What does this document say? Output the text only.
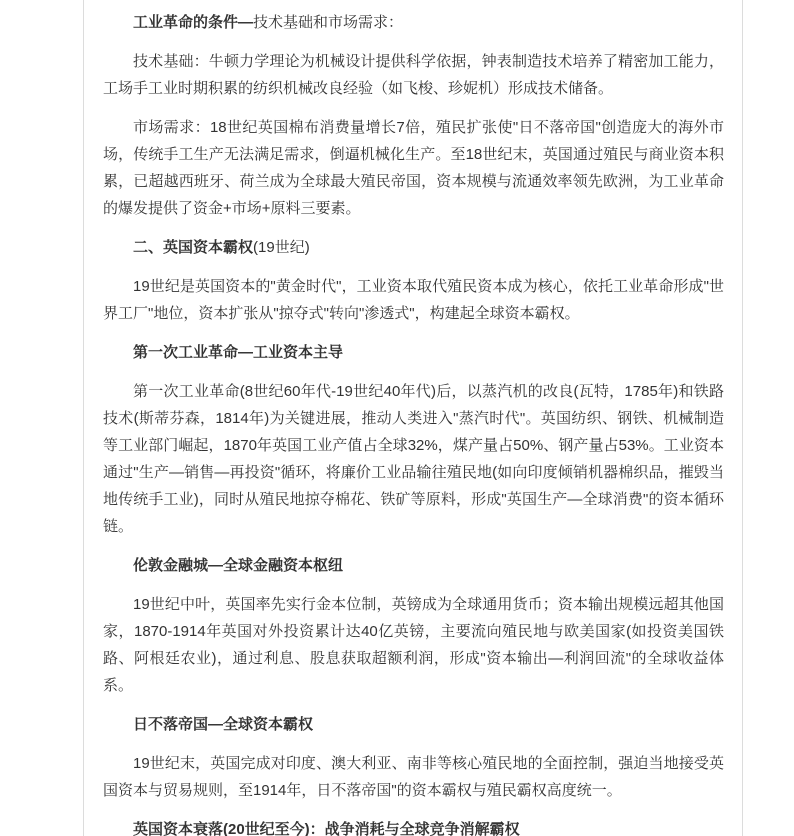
工业革命的条件—技术基础和市场需求：

技术基础：牛顿力学理论为机械设计提供科学依据，钟表制造技术培养了精密加工能力，工场手工业时期积累的纺织机械改良经验（如飞梭、珍妮机）形成技术储备。

市场需求：18世纪英国棉布消费量增长7倍，殖民扩张使"日不落帝国"创造庞大的海外市场，传统手工生产无法满足需求，倒逼机械化生产。至18世纪末，英国通过殖民与商业资本积累，已超越西班牙、荷兰成为全球最大殖民帝国，资本规模与流通效率领先欧洲，为工业革命的爆发提供了资金+市场+原料三要素。

二、英国资本霸权(19世纪)

19世纪是英国资本的"黄金时代"，工业资本取代殖民资本成为核心，依托工业革命形成"世界工厂"地位，资本扩张从"掠夺式"转向"渗透式"，构建起全球资本霸权。

第一次工业革命—工业资本主导

第一次工业革命(8世纪60年代-19世纪40年代)后，以蒸汽机的改良(瓦特，1785年)和铁路技术(斯蒂芬森，1814年)为关键进展，推动人类进入"蒸汽时代"。英国纺织、钢铁、机械制造等工业部门崛起，1870年英国工业产值占全球32%，煤产量占50%、钢产量占53%。工业资本通过"生产—销售—再投资"循环，将廉价工业品输往殖民地(如向印度倾销机器棉织品，摧毁当地传统手工业)，同时从殖民地掠夺棉花、铁矿等原料，形成"英国生产—全球消费"的资本循环链。

伦敦金融城—全球金融资本枢纽

19世纪中叶，英国率先实行金本位制，英镑成为全球通用货币；资本输出规模远超其他国家，1870-1914年英国对外投资累计达40亿英镑，主要流向殖民地与欧美国家(如投资美国铁路、阿根廷农业)，通过利息、股息获取超额利润，形成"资本输出—利润回流"的全球收益体系。

日不落帝国—全球资本霸权

19世纪末，英国完成对印度、澳大利亚、南非等核心殖民地的全面控制，强迫当地接受英国资本与贸易规则，至1914年，日不落帝国"的资本霸权与殖民霸权高度统一。

英国资本衰落(20世纪至今)：战争消耗与全球竞争消解霸权
